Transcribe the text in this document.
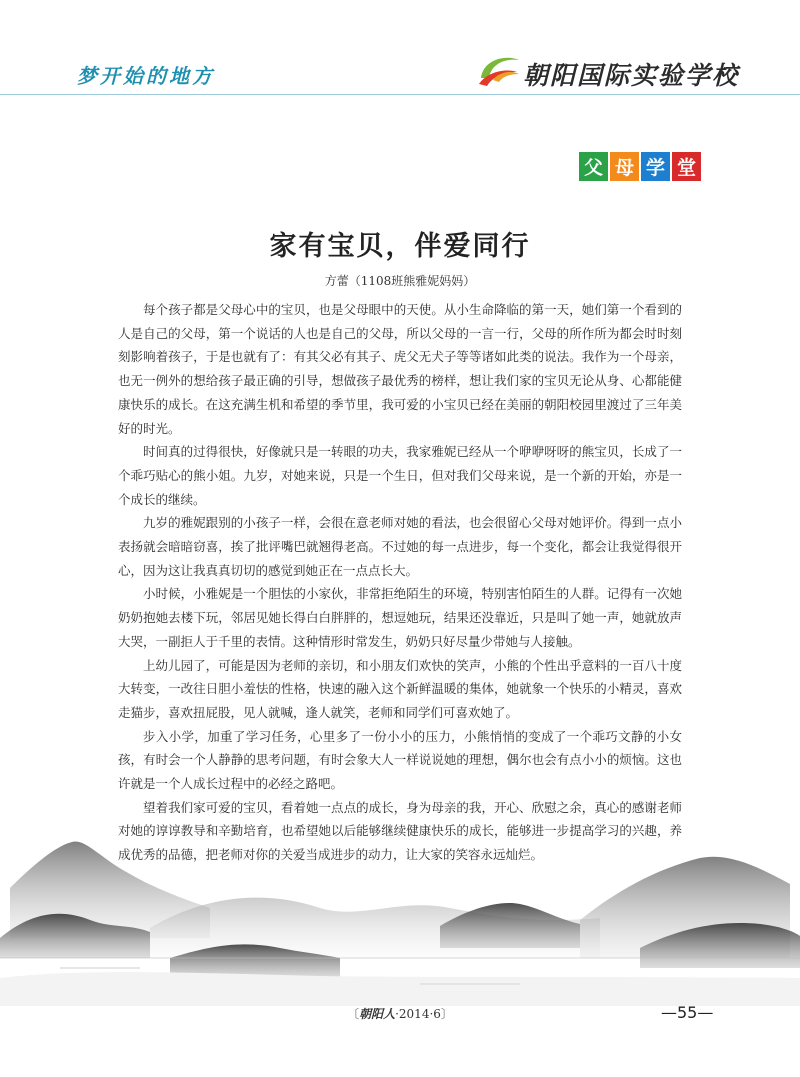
梦开始的地方	朝阳国际实验学校
父 母 学 堂
家有宝贝，伴爱同行
方蕾（1108班熊雅妮妈妈）

每个孩子都是父母心中的宝贝，也是父母眼中的天使。从小生命降临的第一天，她们第一个看到的人是自己的父母，第一个说话的人也是自己的父母，所以父母的一言一行，父母的所作所为都会时时刻刻影响着孩子，于是也就有了：有其父必有其子、虎父无犬子等等诸如此类的说法。我作为一个母亲，也无一例外的想给孩子最正确的引导，想做孩子最优秀的榜样，想让我们家的宝贝无论从身、心都能健康快乐的成长。在这充满生机和希望的季节里，我可爱的小宝贝已经在美丽的朝阳校园里渡过了三年美好的时光。

时间真的过得很快，好像就只是一转眼的功夫，我家雅妮已经从一个咿咿呀呀的熊宝贝，长成了一个乖巧贴心的熊小姐。九岁，对她来说，只是一个生日，但对我们父母来说，是一个新的开始，亦是一个成长的继续。

九岁的雅妮跟别的小孩子一样，会很在意老师对她的看法，也会很留心父母对她评价。得到一点小表扬就会暗暗窃喜，挨了批评嘴巴就翘得老高。不过她的每一点进步，每一个变化，都会让我觉得很开心，因为这让我真真切切的感觉到她正在一点点长大。

小时候，小雅妮是一个胆怯的小家伙，非常拒绝陌生的环境，特别害怕陌生的人群。记得有一次她奶奶抱她去楼下玩，邻居见她长得白白胖胖的，想逗她玩，结果还没靠近，只是叫了她一声，她就放声大哭，一副拒人于千里的表情。这种情形时常发生，奶奶只好尽量少带她与人接触。

上幼儿园了，可能是因为老师的亲切，和小朋友们欢快的笑声，小熊的个性出乎意料的一百八十度大转变，一改往日胆小羞怯的性格，快速的融入这个新鲜温暖的集体，她就象一个快乐的小精灵，喜欢走猫步，喜欢扭屁股，见人就喊，逢人就笑，老师和同学们可喜欢她了。

步入小学，加重了学习任务，心里多了一份小小的压力，小熊悄悄的变成了一个乖巧文静的小女孩，有时会一个人静静的思考问题，有时会象大人一样说说她的理想，偶尔也会有点小小的烦恼。这也许就是一个人成长过程中的必经之路吧。

望着我们家可爱的宝贝，看着她一点点的成长，身为母亲的我，开心、欣慰之余，真心的感谢老师对她的谆谆教导和辛勤培育，也希望她以后能够继续健康快乐的成长，能够进一步提高学习的兴趣，养成优秀的品德，把老师对你的关爱当成进步的动力，让大家的笑容永远灿烂。

〔朝阳人·2014·6〕	—55—
